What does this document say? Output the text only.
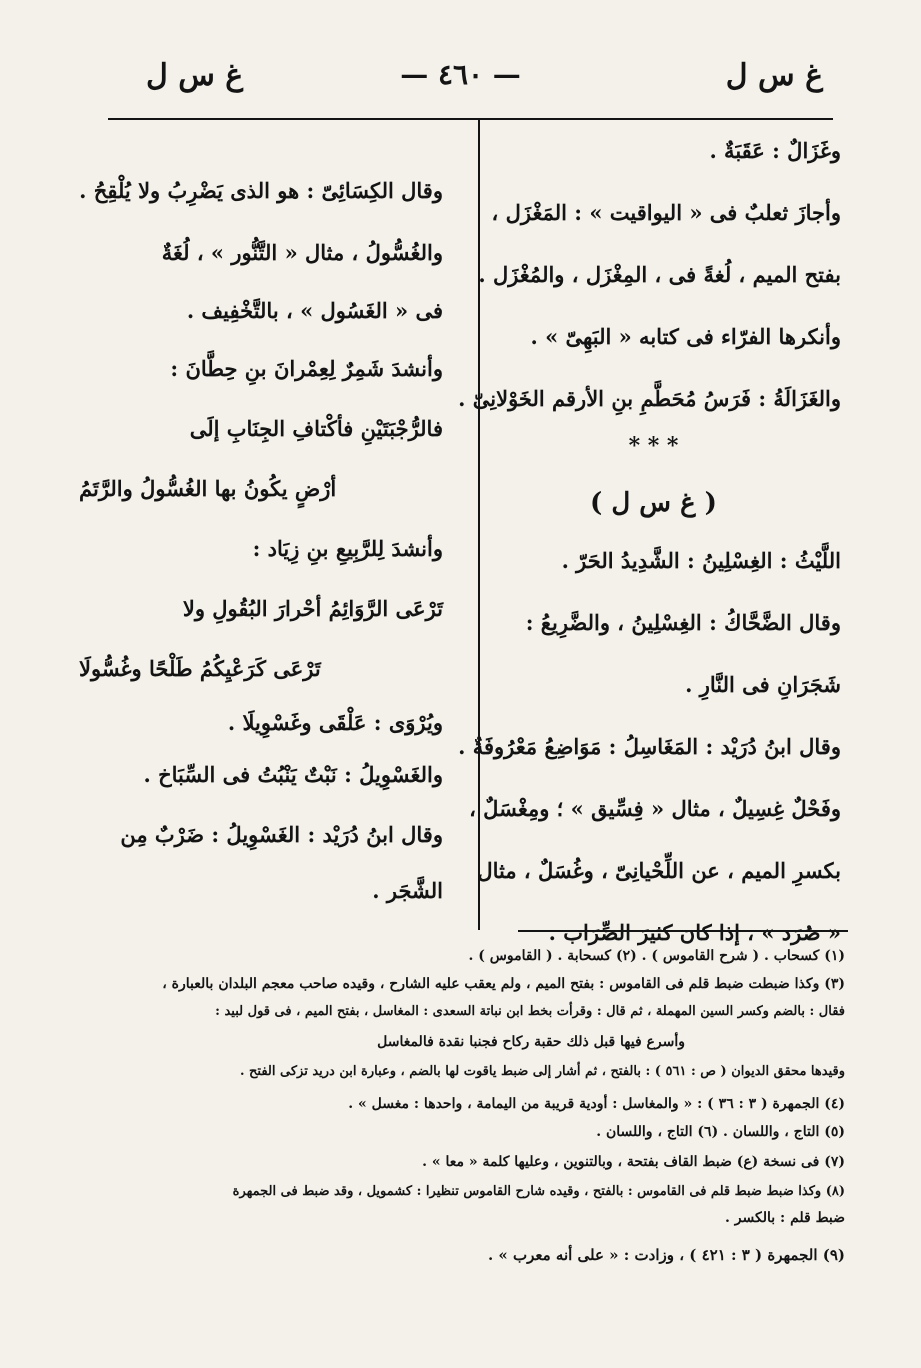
غ س ل
— ٤٦٠ —
غ س ل
وغَزَالٌ : عَقَبَةٌ .
وأجازَ ثعلبٌ فى « اليواقيت » : المَغْزَل ،
بفتح الميم ، لُغةً فى ، المِغْزَل ، والمُغْزَل .
وأنكرها الفرّاء فى كتابه « البَهِىّ » .
والغَزَالَةُ : فَرَسُ مُحَطَّمِ بنِ الأرقم الخَوْلانِىّ .
* * *
( غ س ل )
اللَّيْثُ : الغِسْلِينُ : الشَّدِيدُ الحَرّ .
وقال الضَّحَّاكُ : الغِسْلِينُ ، والضَّرِيعُ :
شَجَرَانِ فى النَّارِ .
وقال ابنُ دُرَيْد : المَغَاسِلُ : مَوَاضِعُ مَعْرُوفَةٌ .
وفَحْلٌ غِسِيلٌ ، مثال « فِسِّيق » ؛ ومِغْسَلٌ ،
بكسرِ الميم ، عن اللِّحْيانِىّ ، وغُسَلٌ ، مثال
« صُرَد » ، إذا كان كثيرَ الضِّرَاب .
وقال الكِسَائِىّ : هو الذى يَضْرِبُ ولا يُلْقِحُ .
والغُسُّولُ ، مثال « التَّنُّور » ، لُغَةٌ
فى « الغَسُول » ، بالتَّخْفِيف .
وأنشدَ شَمِرٌ لِعِمْرانَ بنِ حِطَّانَ :
فالرُّجْبَتَيْنِ فأكْتافِ الجِنَابِ إلَى
أرْضٍ يكُونُ بها الغُسُّولُ والرَّتَمُ
وأنشدَ لِلرَّبِيعِ بنِ زِيَاد :
تَرْعَى الرَّوَائِمُ أحْرارَ البُقُولِ ولا
تَرْعَى كَرَعْيِكُمُ طَلْحًا وغُسُّولَا
ويُرْوَى : عَلْقَى وغَسْوِيلَا .
والغَسْوِيلُ : نَبْتٌ يَنْبُتُ فى السِّبَاخ .
وقال ابنُ دُرَيْد : الغَسْوِيلُ : ضَرْبٌ مِن
الشَّجَر .
(١) كسحاب . ( شرح القاموس ) . (٢) كسحابة . ( القاموس ) .
(٣) وكذا ضبطت ضبط قلم فى القاموس : بفتح الميم ، ولم يعقب عليه الشارح ، وقيده صاحب معجم البلدان بالعبارة ،
فقال : بالضم وكسر السين المهملة ، ثم قال : وقرأت بخط ابن نباتة السعدى : المغاسل ، بفتح الميم ، فى قول لبيد :
وأسرع فيها قبل ذلك حقبة ركاح فجنبا نقدة فالمغاسل
وقيدها محقق الديوان ( ص : ٥٦١ ) : بالفتح ، ثم أشار إلى ضبط ياقوت لها بالضم ، وعبارة ابن دريد تزكى الفتح .
(٤) الجمهرة ( ٣ : ٣٦ ) : « والمغاسل : أودية قريبة من اليمامة ، واحدها : مغسل » .
(٥) التاج ، واللسان . (٦) التاج ، واللسان .
(٧) فى نسخة (ع) ضبط القاف بفتحة ، وبالتنوين ، وعليها كلمة « معا » .
(٨) وكذا ضبط ضبط قلم فى القاموس : بالفتح ، وقيده شارح القاموس تنظيرا : كشمويل ، وقد ضبط فى الجمهرة
ضبط قلم : بالكسر .
(٩) الجمهرة ( ٣ : ٤٢١ ) ، وزادت : « على أنه معرب » .
